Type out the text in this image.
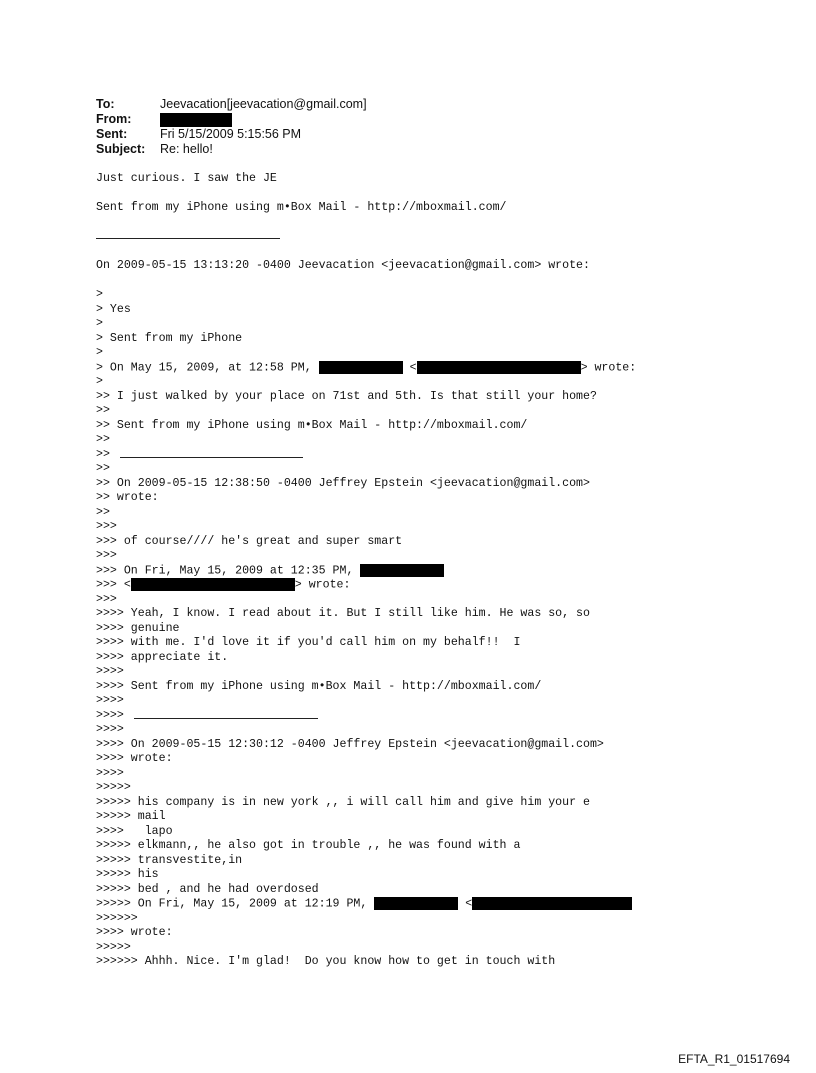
To:	Jeevacation[jeevacation@gmail.com]
From:
Sent:	Fri 5/15/2009 5:15:56 PM
Subject: Re: hello!
Just curious. I saw the JE
Sent from my iPhone using m•Box Mail - http://mboxmail.com/

On 2009-05-15 13:13:20 -0400 Jeevacation <jeevacation@gmail.com> wrote:
>
> Yes
>
> Sent from my iPhone
>
> On May 15, 2009, at 12:58 PM,	<	> wrote:
>
>> I just walked by your place on 71st and 5th. Is that still your home?
>>
>> Sent from my iPhone using m•Box Mail - http://mboxmail.com/
>>
>>
>>
>> On 2009-05-15 12:38:50 -0400 Jeffrey Epstein <jeevacation@gmail.com>
>> wrote:
>>
>>>
>>> of course//// he's great and super smart
>>>
>>> On Fri, May 15, 2009 at 12:35 PM,
>>> <	> wrote:
>>>
>>>> Yeah, I know. I read about it. But I still like him. He was so, so
>>>> genuine
>>>> with me. I'd love it if you'd call him on my behalf!!  I
>>>> appreciate it.
>>>>
>>>> Sent from my iPhone using m•Box Mail - http://mboxmail.com/
>>>>
>>>>
>>>>
>>>> On 2009-05-15 12:30:12 -0400 Jeffrey Epstein <jeevacation@gmail.com>
>>>> wrote:
>>>>
>>>>>
>>>>> his company is in new york ,, i will call him and give him your e
>>>>> mail
>>>>   lapo
>>>>> elkmann,, he also got in trouble ,, he was found with a
>>>>> transvestite,in
>>>>> his
>>>>> bed , and he had overdosed
>>>>> On Fri, May 15, 2009 at 12:19 PM,	<
>>>>>>
>>>> wrote:
>>>>>
>>>>>> Ahhh. Nice. I'm glad!  Do you know how to get in touch with
EFTA_R1_01517694
